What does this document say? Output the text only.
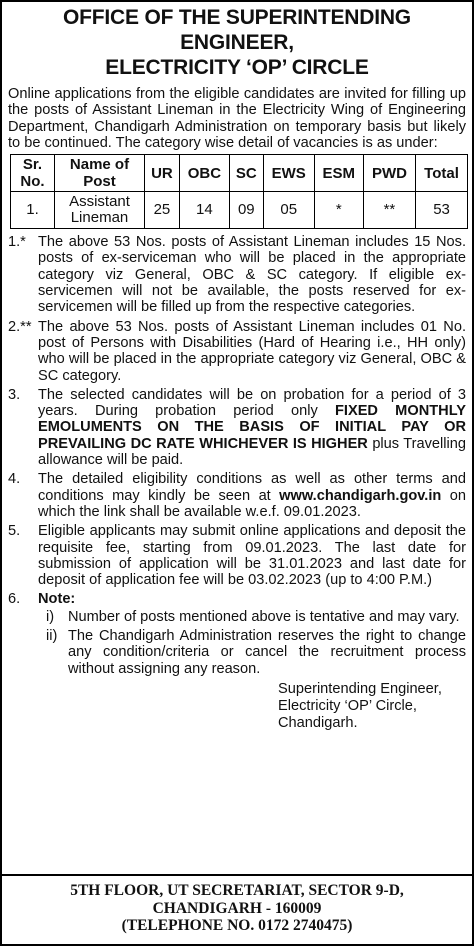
OFFICE OF THE SUPERINTENDING ENGINEER,
ELECTRICITY ‘OP’ CIRCLE

Online applications from the eligible candidates are invited for filling up the posts of Assistant Lineman in the Electricity Wing of Engineering Department, Chandigarh Administration on temporary basis but likely to be continued. The category wise detail of vacancies is as under:

Sr. No.	Name of Post	UR	OBC	SC	EWS	ESM	PWD	Total
1.	Assistant Lineman	25	14	09	05	*	**	53
1.* The above 53 Nos. posts of Assistant Lineman includes 15 Nos. posts of ex-serviceman who will be placed in the appropriate category viz General, OBC & SC category. If eligible ex-servicemen will not be available, the posts reserved for ex-servicemen will be filled up from the respective categories.
2.** The above 53 Nos. posts of Assistant Lineman includes 01 No. post of Persons with Disabilities (Hard of Hearing i.e., HH only) who will be placed in the appropriate category viz General, OBC & SC category.
3.	The selected candidates will be on probation for a period of 3 years. During probation period only FIXED MONTHLY EMOLUMENTS ON THE BASIS OF INITIAL PAY OR PREVAILING DC RATE WHICHEVER IS HIGHER plus Travelling allowance will be paid.
4.	The detailed eligibility conditions as well as other terms and conditions may kindly be seen at www.chandigarh.gov.in on which the link shall be available w.e.f. 09.01.2023.
5.	Eligible applicants may submit online applications and deposit the requisite fee, starting from 09.01.2023. The last date for submission of application will be 31.01.2023 and last date for deposit of application fee will be 03.02.2023 (up to 4:00 P.M.)
6.	Note:
i) Number of posts mentioned above is tentative and may vary.
ii) The Chandigarh Administration reserves the right to change any condition/criteria or cancel the recruitment process without assigning any reason.
Superintending Engineer,
Electricity ‘OP’ Circle,
Chandigarh.
5TH FLOOR, UT SECRETARIAT, SECTOR 9-D,
CHANDIGARH - 160009
(TELEPHONE NO. 0172 2740475)
